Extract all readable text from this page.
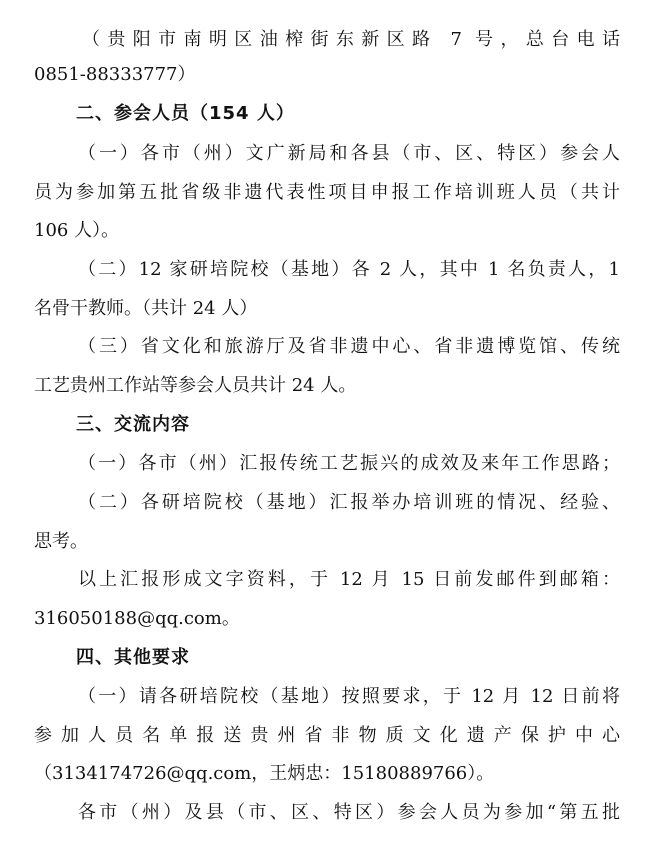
（贵阳市南明区油榨街东新区路 7 号，总台电话
0851-88333777）
二、参会人员（154 人）
（一）各市（州）文广新局和各县（市、区、特区）参会人
员为参加第五批省级非遗代表性项目申报工作培训班人员（共计
106 人）。
（二）12 家研培院校（基地）各 2 人，其中 1 名负责人，1
名骨干教师。（共计 24 人）
（三）省文化和旅游厅及省非遗中心、省非遗博览馆、传统
工艺贵州工作站等参会人员共计 24 人。
三、交流内容
（一）各市（州）汇报传统工艺振兴的成效及来年工作思路；
（二）各研培院校（基地）汇报举办培训班的情况、经验、
思考。
以上汇报形成文字资料，于 12 月 15 日前发邮件到邮箱：
316050188@qq.com。
四、其他要求
（一）请各研培院校（基地）按照要求，于 12 月 12 日前将
参加人员名单报送贵州省非物质文化遗产保护中心
（3134174726@qq.com，王炳忠：15180889766）。
各市（州）及县（市、区、特区）参会人员为参加“第五批
